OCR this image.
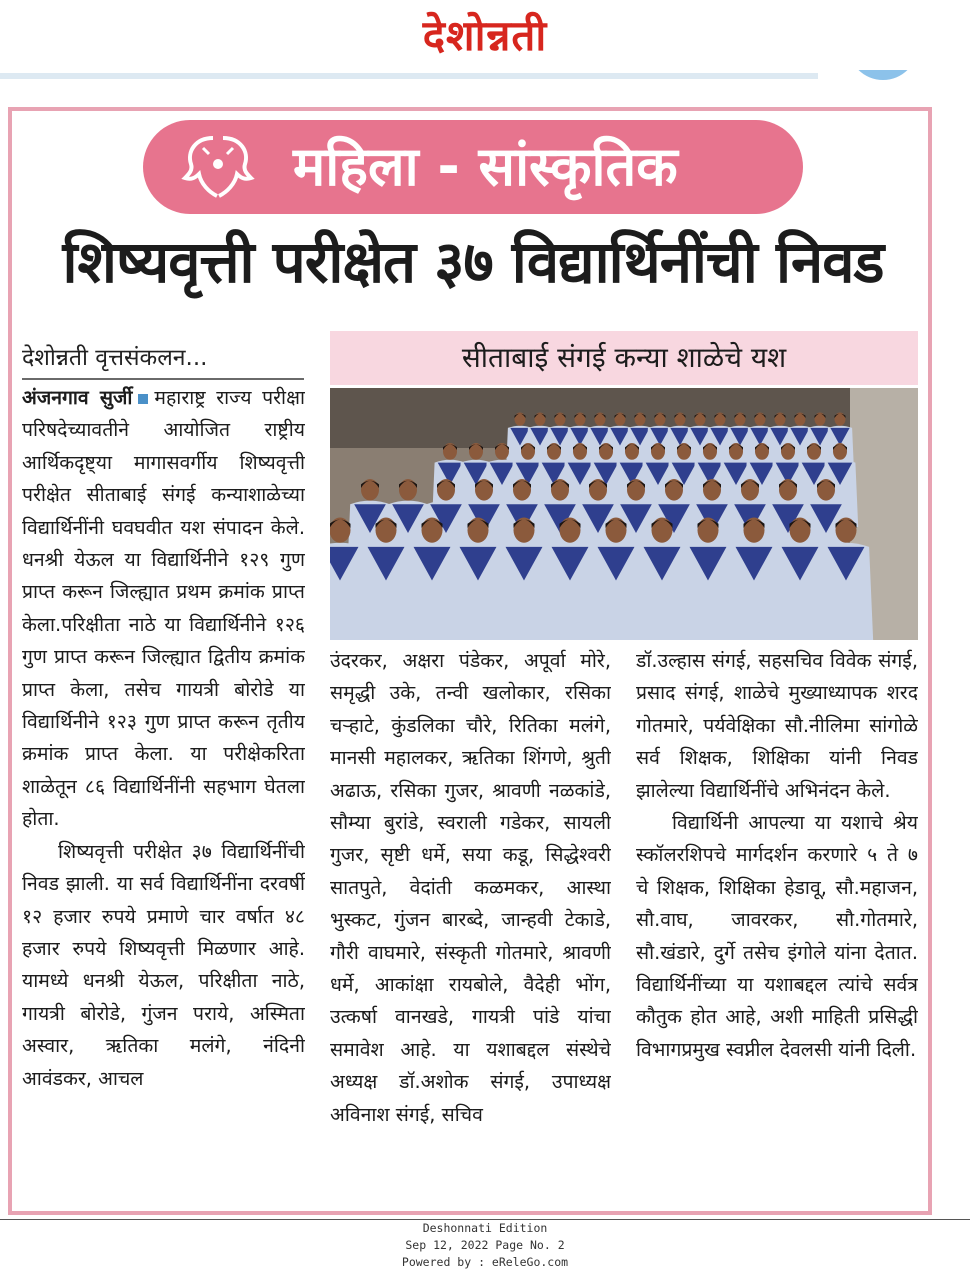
देशोन्नती
महिला - सांस्कृतिक
शिष्यवृत्ती परीक्षेत ३७ विद्यार्थिनींची निवड
देशोन्नती वृत्तसंकलन...

अंजनगाव सुर्जी महाराष्ट्र राज्य परीक्षा परिषदेच्यावतीने आयोजित राष्ट्रीय आर्थिकदृष्ट्या मागासवर्गीय शिष्यवृत्ती परीक्षेत सीताबाई संगई कन्याशाळेच्या विद्यार्थिनींनी घवघवीत यश संपादन केले. धनश्री येऊल या विद्यार्थिनीने १२९ गुण प्राप्त करून जिल्ह्यात प्रथम क्रमांक प्राप्त केला.परिक्षीता नाठे या विद्यार्थिनीने १२६ गुण प्राप्त करून जिल्ह्यात द्वितीय क्रमांक प्राप्त केला, तसेच गायत्री बोरोडे या विद्यार्थिनीने १२३ गुण प्राप्त करून तृतीय क्रमांक प्राप्त केला. या परीक्षेकरिता शाळेतून ८६ विद्यार्थिनींनी सहभाग घेतला होता.

शिष्यवृत्ती परीक्षेत ३७ विद्यार्थिनींची निवड झाली. या सर्व विद्यार्थिनींना दरवर्षी १२ हजार रुपये प्रमाणे चार वर्षात ४८ हजार रुपये शिष्यवृत्ती मिळणार आहे. यामध्ये धनश्री येऊल, परिक्षीता नाठे, गायत्री बोरोडे, गुंजन पराये, अस्मिता अस्वार, ऋतिका मलंगे, नंदिनी आवंडकर, आचल

सीताबाई संगई कन्या शाळेचे यश

उंदरकर, अक्षरा पंडेकर, अपूर्वा मोरे, समृद्धी उके, तन्वी खलोकार, रसिका चऱ्हाटे, कुंडलिका चौरे, रितिका मलंगे, मानसी महालकर, ऋतिका शिंगणे, श्रुती अढाऊ, रसिका गुजर, श्रावणी नळकांडे, सौम्या बुरांडे, स्वराली गडेकर, सायली गुजर, सृष्टी धर्मे, सया कडू, सिद्धेश्वरी सातपुते, वेदांती कळमकर, आस्था भुस्कट, गुंजन बारब्दे, जान्हवी टेकाडे, गौरी वाघमारे, संस्कृती गोतमारे, श्रावणी धर्मे, आकांक्षा रायबोले, वैदेही भोंग, उत्कर्षा वानखडे, गायत्री पांडे यांचा समावेश आहे. या यशाबद्दल संस्थेचे अध्यक्ष डॉ.अशोक संगई, उपाध्यक्ष अविनाश संगई, सचिव

डॉ.उल्हास संगई, सहसचिव विवेक संगई, प्रसाद संगई, शाळेचे मुख्याध्यापक शरद गोतमारे, पर्यवेक्षिका सौ.नीलिमा सांगोळे सर्व शिक्षक, शिक्षिका यांनी निवड झालेल्या विद्यार्थिनींचे अभिनंदन केले.

विद्यार्थिनी आपल्या या यशाचे श्रेय स्कॉलरशिपचे मार्गदर्शन करणारे ५ ते ७ चे शिक्षक, शिक्षिका हेडावू, सौ.महाजन, सौ.वाघ, जावरकर, सौ.गोतमारे, सौ.खंडारे, दुर्गे तसेच इंगोले यांना देतात. विद्यार्थिनींच्या या यशाबद्दल त्यांचे सर्वत्र कौतुक होत आहे, अशी माहिती प्रसिद्धी विभागप्रमुख स्वप्नील देवलसी यांनी दिली.

Deshonnati Edition
Sep 12, 2022 Page No. 2
Powered by : eReleGo.com
